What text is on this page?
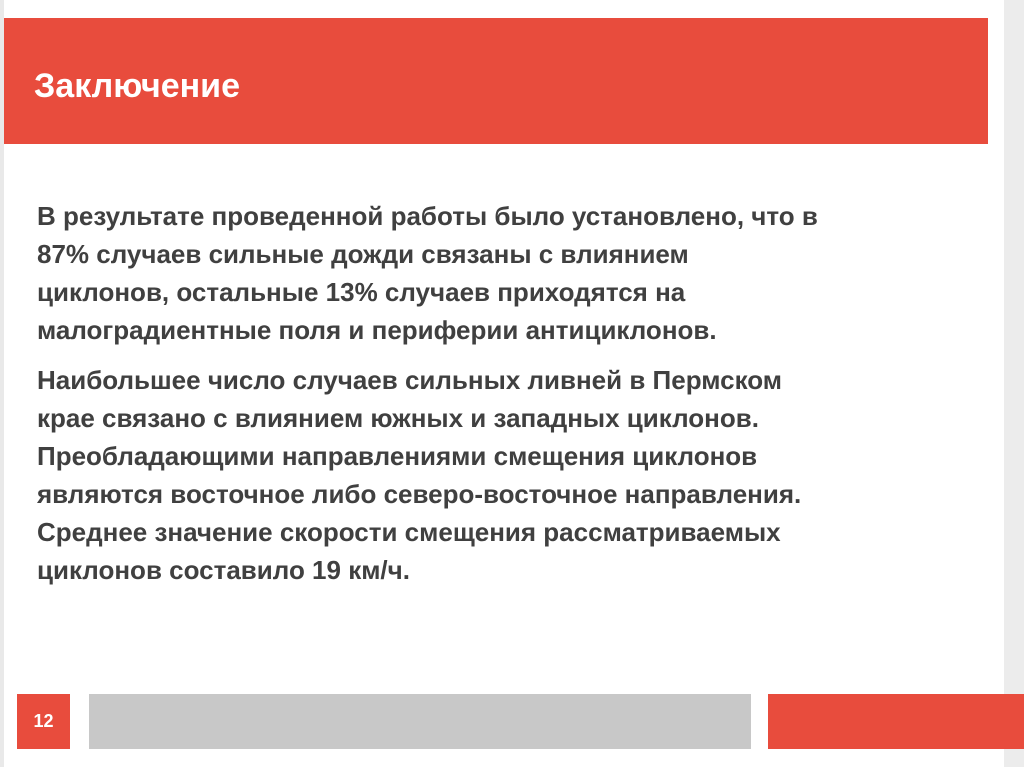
Заключение

В результате проведенной работы было установлено, что в
87% случаев сильные дожди связаны с влиянием
циклонов, остальные 13% случаев приходятся на
малоградиентные поля и периферии антициклонов.

Наибольшее число случаев сильных ливней в Пермском
крае связано с влиянием южных и западных циклонов.
Преобладающими направлениями смещения циклонов
являются восточное либо северо-восточное направления.
Среднее значение скорости смещения рассматриваемых
циклонов составило 19 км/ч.

12
